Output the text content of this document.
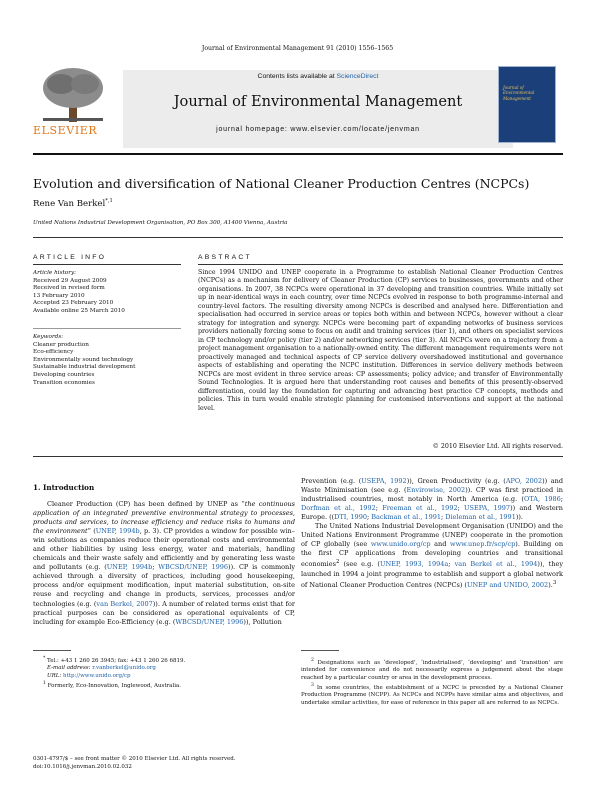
Journal of Environmental Management 91 (2010) 1556–1565
ELSEVIER
Contents lists available at ScienceDirect
Journal of Environmental Management
journal homepage: www.elsevier.com/locate/jenvman
Journal of Environmental Management
Evolution and diversification of National Cleaner Production Centres (NCPCs)
Rene Van Berkel$^{*,1}$
United Nations Industrial Development Organisation, PO Box 300, A1400 Vienna, Austria
ARTICLE INFO	ABSTRACT
Article history:
Received 29 August 2009
Received in revised form
13 February 2010
Accepted 23 February 2010
Available online 25 March 2010
Keywords:
Cleaner production
Eco-efficiency
Environmentally sound technology
Sustainable industrial development
Developing countries
Transition economies
Since 1994 UNIDO and UNEP cooperate in a Programme to establish National Cleaner Production Centres (NCPCs) as a mechanism for delivery of Cleaner Production (CP) services to businesses, governments and other organisations. In 2007, 38 NCPCs were operational in 37 developing and transition countries. While initially set up in near-identical ways in each country, over time NCPCs evolved in response to both programme-internal and country-level factors. The resulting diversity among NCPCs is described and analysed here. Differentiation and specialisation had occurred in service areas or topics both within and between NCPCs, however without a clear strategy for integration and synergy. NCPCs were becoming part of expanding networks of business services providers nationally forcing some to focus on audit and training services (tier 1), and others on specialist services in CP technology and/or policy (tier 2) and/or networking services (tier 3). All NCPCs were on a trajectory from a project management organisation to a nationally-owned entity. The different management requirements were not proactively managed and technical aspects of CP service delivery overshadowed institutional and governance aspects of establishing and operating the NCPC institution. Differences in service delivery methods between NCPCs are most evident in three service areas: CP assessments; policy advice; and transfer of Environmentally Sound Technologies. It is argued here that understanding root causes and benefits of this presently-observed differentiation, could lay the foundation for capturing and advancing best practice CP concepts, methods and policies. This in turn would enable strategic planning for customised interventions and support at the national level.
© 2010 Elsevier Ltd. All rights reserved.
1. Introduction

Cleaner Production (CP) has been defined by UNEP as “the continuous application of an integrated preventive environmental strategy to processes, products and services, to increase efficiency and reduce risks to humans and the environment” (UNEP, 1994b, p. 3). CP provides a window for possible win–win solutions as companies reduce their operational costs and environmental and other liabilities by using less energy, water and materials, handling chemicals and their waste safely and efficiently and by generating less waste and pollutants (e.g. (UNEP, 1994b; WBCSD/UNEP, 1996)). CP is commonly achieved through a diversity of practices, including good housekeeping, process and/or equipment modification, input material substitution, on-site reuse and recycling and change in products, services, processes and/or technologies (e.g. (van Berkel, 2007)). A number of related terms exist that for practical purposes can be considered as operational equivalents of CP, including for example Eco-Efficiency (e.g. (WBCSD/UNEP, 1996)), Pollution

Prevention (e.g. (USEPA, 1992)), Green Productivity (e.g. (APO, 2002)) and Waste Minimisation (see e.g. (Envirowise, 2002)). CP was first practiced in industrialised countries, most notably in North America (e.g. (OTA, 1986; Dorfman et al., 1992; Freeman et al., 1992; USEPA, 1997)) and Western Europe. ((DTI, 1990; Backman et al., 1991; Dieleman et al., 1991)).

The United Nations Industrial Development Organisation (UNIDO) and the United Nations Environment Programme (UNEP) cooperate in the promotion of CP globally (see www.unido.org/cp and www.unep.fr/scp/cp). Building on the first CP applications from developing countries and transitional economies$^2$ (see e.g. (UNEP, 1993, 1994a; van Berkel et al., 1994)), they launched in 1994 a joint programme to establish and support a global network of National Cleaner Production Centres (NCPCs) (UNEP and UNIDO, 2002).$^3$

* Tel.: +43 1 260 26 3945; fax: +43 1 260 26 6819.
E-mail address: r.vanberkel@unido.org
URL: http://www.unido.org/cp
$^1$ Formerly, Eco-Innovation, Inglewood, Australia.
$^2$ Designations such as ‘developed’, ‘industrialised’, ‘developing’ and ‘transition’ are intended for convenience and do not necessarily express a judgement about the stage reached by a particular country or area in the development process.
$^3$ In some countries, the establishment of a NCPC is preceded by a National Cleaner Production Programme (NCPP). As NCPCs and NCPPs have similar aims and objectives, and undertake similar activities, for ease of reference in this paper all are referred to as NCPCs.
0301-4797/$ – see front matter © 2010 Elsevier Ltd. All rights reserved.
doi:10.1016/j.jenvman.2010.02.032
